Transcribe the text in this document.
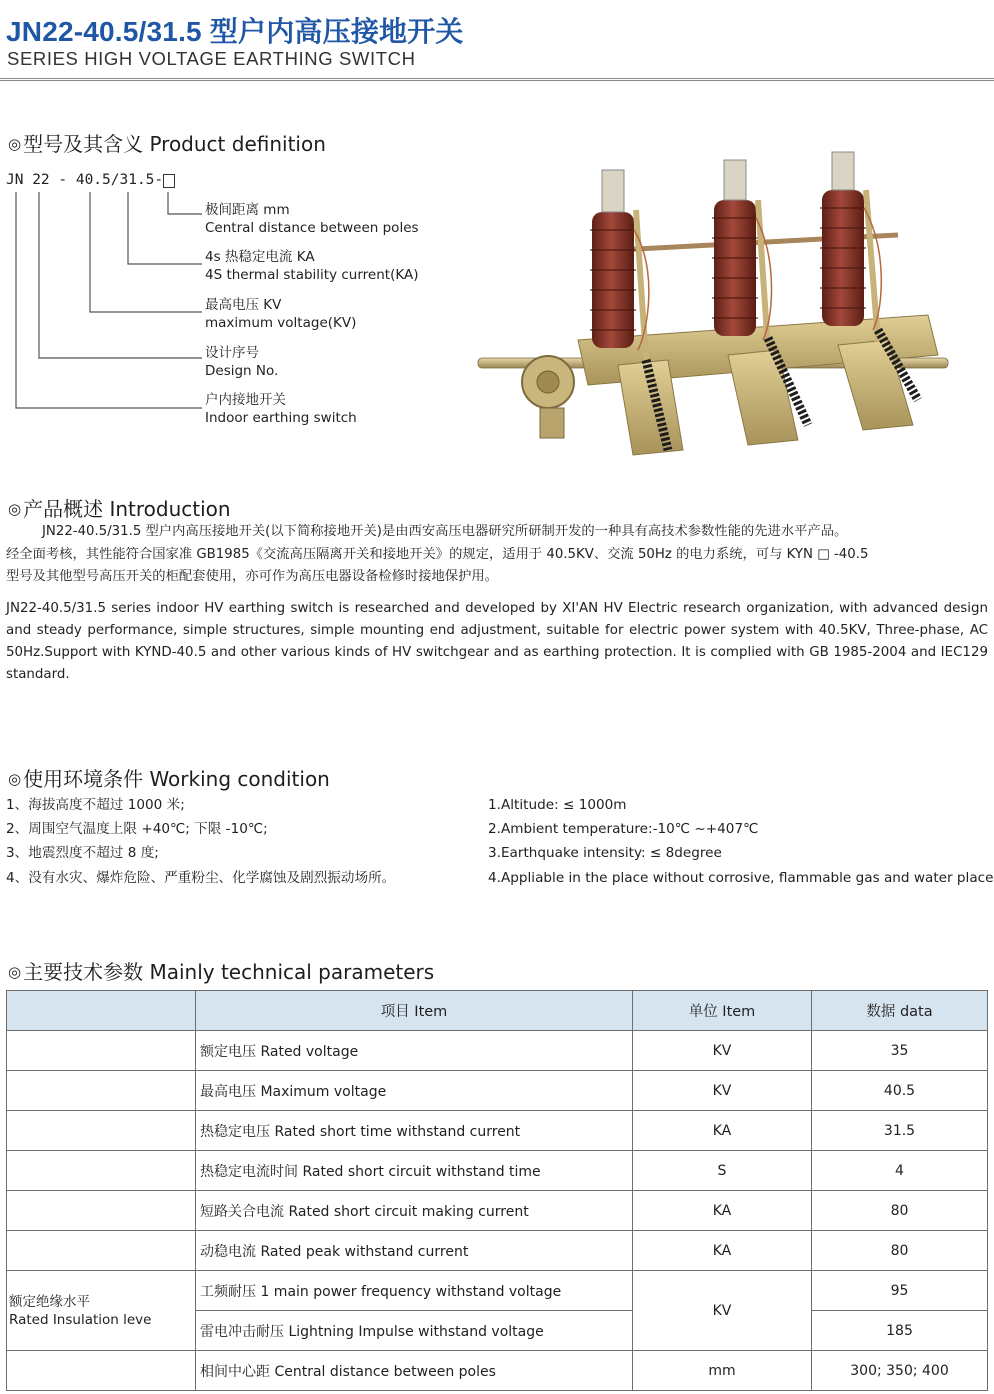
JN22-40.5/31.5 型户内高压接地开关
SERIES HIGH VOLTAGE EARTHING SWITCH
◎ 型号及其含义 Product definition
JN 22 - 40.5/31.5-
极间距离 mm
Central distance between poles
4s 热稳定电流 KA
4S thermal stability current(KA)
最高电压 KV
maximum voltage(KV)
设计序号
Design No.
户内接地开关
Indoor earthing switch
◎ 产品概述 Introduction
JN22-40.5/31.5 型户内高压接地开关(以下简称接地开关)是由西安高压电器研究所研制开发的一种具有高技术参数性能的先进水平产品。
经全面考核，其性能符合国家准 GB1985《交流高压隔离开关和接地开关》的规定，适用于 40.5KV、交流 50Hz 的电力系统，可与 KYN □ -40.5
型号及其他型号高压开关的柜配套使用，亦可作为高压电器设备检修时接地保护用。
JN22-40.5/31.5 series indoor HV earthing switch is researched and developed by XI'AN HV Electric research organization, with advanced design and steady performance, simple structures, simple mounting end adjustment, suitable for electric power system with 40.5KV, Three-phase, AC 50Hz.Support with KYND-40.5 and other various kinds of HV switchgear and as earthing protection. It is complied with GB 1985-2004 and IEC129 standard.
◎ 使用环境条件 Working condition
1、海拔高度不超过 1000 米;
2、周围空气温度上限 +40℃; 下限 -10℃;
3、地震烈度不超过 8 度;
4、没有水灾、爆炸危险、严重粉尘、化学腐蚀及剧烈振动场所。
1.Altitude: ≤ 1000m
2.Ambient temperature:-10℃ ~+407℃
3.Earthquake intensity: ≤ 8degree
4.Appliable in the place without corrosive, flammable gas and water place
◎ 主要技术参数 Mainly technical parameters
	项目 Item	单位 Item	数据 data
	额定电压 Rated voltage	KV	35
	最高电压 Maximum voltage	KV	40.5
	热稳定电压 Rated short time withstand current	KA	31.5
	热稳定电流时间 Rated short circuit withstand time	S	4
	短路关合电流 Rated short circuit making current	KA	80
	动稳电流 Rated peak withstand current	KA	80

额定绝缘水平
Rated Insulation leve	工频耐压 1 main power frequency withstand voltage	KV	95
	雷电冲击耐压 Lightning Impulse withstand voltage		185
	相间中心距 Central distance between poles	mm	300; 350; 400
